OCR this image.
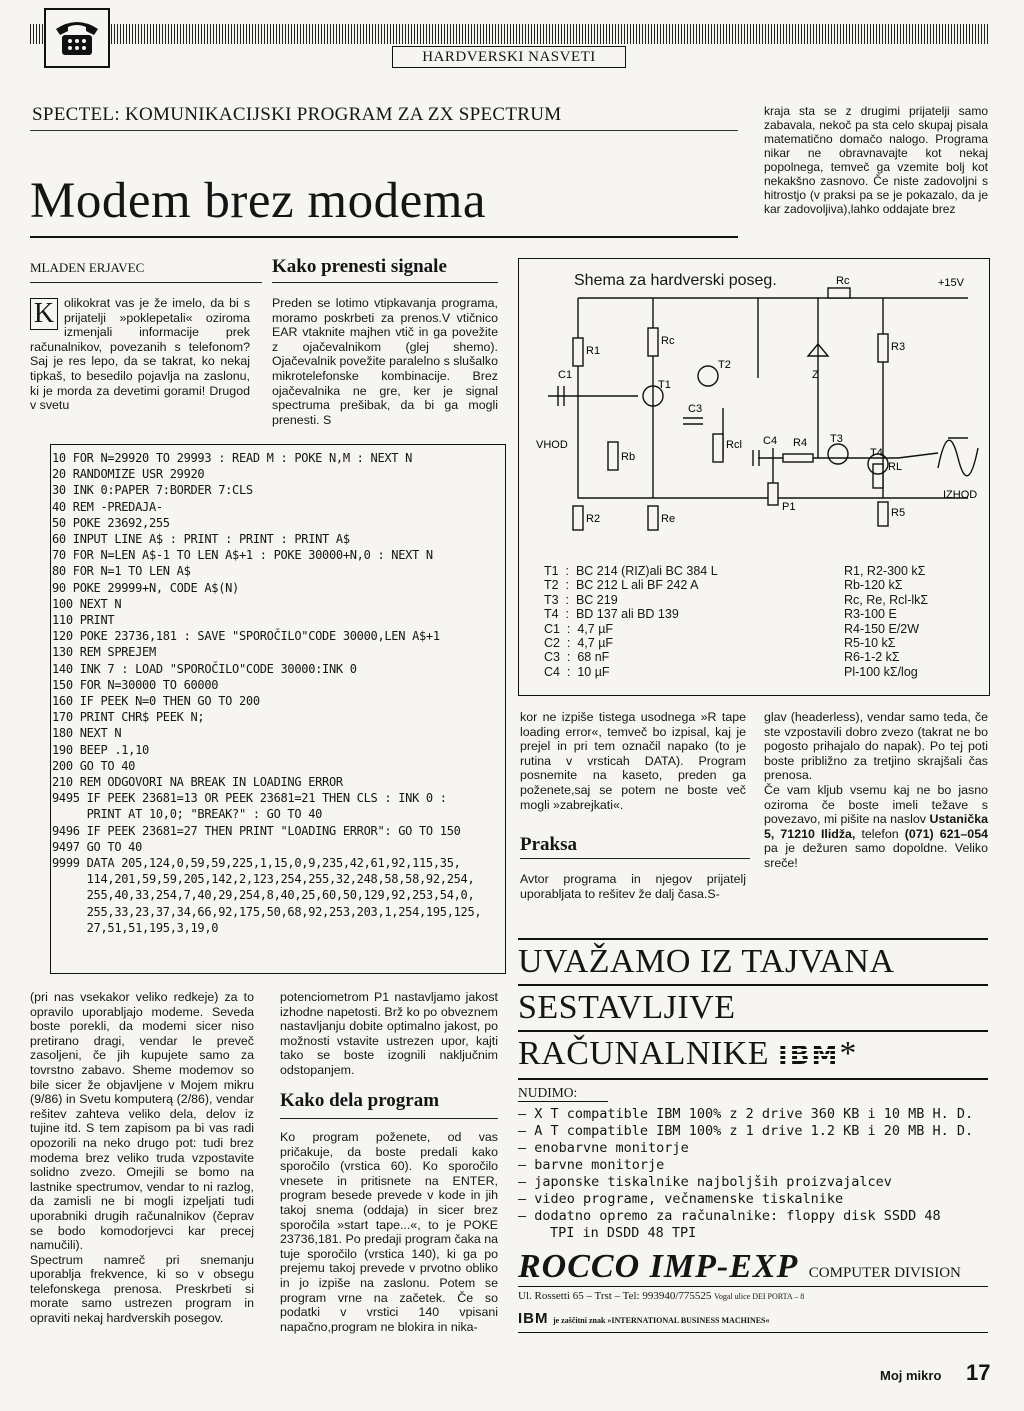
HARDVERSKI NASVETI
SPECTEL: KOMUNIKACIJSKI PROGRAM ZA ZX SPECTRUM
Modem brez modema
kraja sta se z drugimi prijatelji samo zabavala, nekoč pa sta celo skupaj pisala matematično domačo nalogo. Programa nikar ne obravnavajte kot nekaj popolnega, temveč ga vzemite bolj kot nekakšno zasnovo. Če niste zadovoljni s hitrostjo (v praksi pa se je pokazalo, da je kar zadovoljiva),lahko oddajate brez
MLADEN ERJAVEC
K olikokrat vas je že imelo, da bi s prijatelji »poklepetali« oziroma izmenjali informacije prek računalnikov, povezanih s telefonom? Saj je res lepo, da se takrat, ko nekaj tipkaš, to besedilo pojavlja na zaslonu, ki je morda za devetimi gorami! Drugod v svetu
Kako prenesti signale
Preden se lotimo vtipkavanja programa, moramo poskrbeti za prenos.V vtičnico EAR vtaknite majhen vtič in ga povežite z ojačevalnikom (glej shemo). Ojačevalnik povežite paralelno s slušalko mikrotelefonske kombinacije. Brez ojačevalnika ne gre, ker je signal spectruma prešibak, da bi ga mogli prenesti. S
10 FOR N=29920 TO 29993 : READ M : POKE N,M : NEXT N
20 RANDOMIZE USR 29920
30 INK 0:PAPER 7:BORDER 7:CLS
40 REM -PREDAJA-
50 POKE 23692,255
60 INPUT LINE A$ : PRINT : PRINT : PRINT A$
70 FOR N=LEN A$-1 TO LEN A$+1 : POKE 30000+N,0 : NEXT N
80 FOR N=1 TO LEN A$
90 POKE 29999+N, CODE A$(N)
100 NEXT N
110 PRINT
120 POKE 23736,181 : SAVE "SPOROČILO"CODE 30000,LEN A$+1
130 REM SPREJEM
140 INK 7 : LOAD "SPOROČILO"CODE 30000:INK 0
150 FOR N=30000 TO 60000
160 IF PEEK N=0 THEN GO TO 200
170 PRINT CHR$ PEEK N;
180 NEXT N
190 BEEP .1,10
200 GO TO 40
210 REM ODGOVORI NA BREAK IN LOADING ERROR
9495 IF PEEK 23681=13 OR PEEK 23681=21 THEN CLS : INK 0 :
PRINT AT 10,0; "BREAK?" : GO TO 40
9496 IF PEEK 23681=27 THEN PRINT "LOADING ERROR": GO TO 150
9497 GO TO 40
9999 DATA 205,124,0,59,59,225,1,15,0,9,235,42,61,92,115,35,
114,201,59,59,205,142,2,123,254,255,32,248,58,58,92,254,
255,40,33,254,7,40,29,254,8,40,25,60,50,129,92,253,54,0,
255,33,23,37,34,66,92,175,50,68,92,253,203,1,254,195,125,
27,51,51,195,3,19,0
Shema za hardverski poseg.	Rc	+15V
R1
Rc	R3
Z
C1
T1
T2
C3
VHOD
Rb
Rcl C4 R4 T3
RL
T4
IZHOD
P1	R5
R2	Re
T1  :  BC 214 (RIZ)ali BC 384 L
T2  :  BC 212 L ali BF 242 A
T3  :  BC 219
T4  :  BD 137 ali BD 139
C1  :  4,7 µF
C2  :  4,7 µF
C3  :  68 nF
C4  :  10 µF
R1, R2-300 kΣ
Rb-120 kΣ
Rc, Re, Rcl-lkΣ
R3-100 E
R4-150 E/2W
R5-10 kΣ
R6-1-2 kΣ
Pl-100 kΣ/log
(pri nas vsekakor veliko redkeje) za to opravilo uporabljajo modeme. Seveda boste porekli, da modemi sicer niso pretirano dragi, vendar le preveč zasoljeni, če jih kupujete samo za tovrstno zabavo. Sheme modemov so bile sicer že objavljene v Mojem mikru (9/86) in Svetu komputerą (2/86), vendar rešitev zahteva veliko dela, delov iz tujine itd. S tem zapisom pa bi vas radi opozorili na neko drugo pot: tudi brez modema brez veliko truda vzpostavite solidno zvezo. Omejili se bomo na lastnike spectrumov, vendar to ni razlog, da zamisli ne bi mogli izpeljati tudi uporabniki drugih računalnikov (čeprav se bodo komodorjevci kar precej namučili).
Spectrum namreč pri snemanju uporablja frekvence, ki so v obsegu telefonskega prenosa. Preskrbeti si morate samo ustrezen program in opraviti nekaj hardverskih posegov.
potenciometrom P1 nastavljamo jakost izhodne napetosti. Brž ko po obveznem nastavljanju dobite optimalno jakost, po možnosti vstavite ustrezen upor, kajti tako se boste izognili naključnim odstopanjem.
Kako dela program
Ko program poženete, od vas pričakuje, da boste predali kako sporočilo (vrstica 60). Ko sporočilo vnesete in pritisnete na ENTER, program besede prevede v kode in jih takoj snema (oddaja) in sicer brez sporočila »start tape...«, to je POKE 23736,181. Po predaji program čaka na tuje sporočilo (vrstica 140), ki ga po prejemu takoj prevede v prvotno obliko in jo izpiše na zaslonu. Potem se program vrne na začetek. Če so podatki v vrstici 140 vpisani napačno,program ne blokira in nika-
kor ne izpiše tistega usodnega »R tape loading error«, temveč bo izpisal, kaj je prejel in pri tem označil napako (to je rutina v vrsticah DATA). Program posnemite na kaseto, preden ga poženete,saj se potem ne boste več mogli »zabrejkati«.
Praksa
Avtor programa in njegov prijatelj uporabljata to rešitev že dalj časa.S-
glav (headerless), vendar samo teda, če ste vzpostavili dobro zvezo (takrat ne bo pogosto prihajalo do napak). Po tej poti boste približno za tretjino skrajšali čas prenosa.
Če vam kljub vsemu kaj ne bo jasno oziroma če boste imeli težave s povezavo, mi pišite na naslov Ustanička 5, 71210 Ilidža, telefon (071) 621–054 pa je dežuren samo dopoldne. Veliko sreče!
UVAŽAMO IZ TAJVANA
SESTAVLJIVE
RAČUNALNIKE IBM*
NUDIMO:
– X T compatible IBM 100% z 2 drive 360 KB i 10 MB H. D.
– A T compatible IBM 100% z 1 drive 1.2 KB i 20 MB H. D.
– enobarvne monitorje
– barvne monitorje
– japonske tiskalnike najboljših proizvajalcev
– video programe, večnamenske tiskalnike
– dodatno opremo za računalnike: floppy disk SSDD 48
TPI in DSDD 48 TPI
ROCCO IMP-EXP COMPUTER DIVISION
Ul. Rossetti 65 – Trst – Tel: 993940/775525 Vogal ulice DEI PORTA – 8
IBM je zaščitni znak »INTERNATIONAL BUSINESS MACHINES«
Moj mikro 17
